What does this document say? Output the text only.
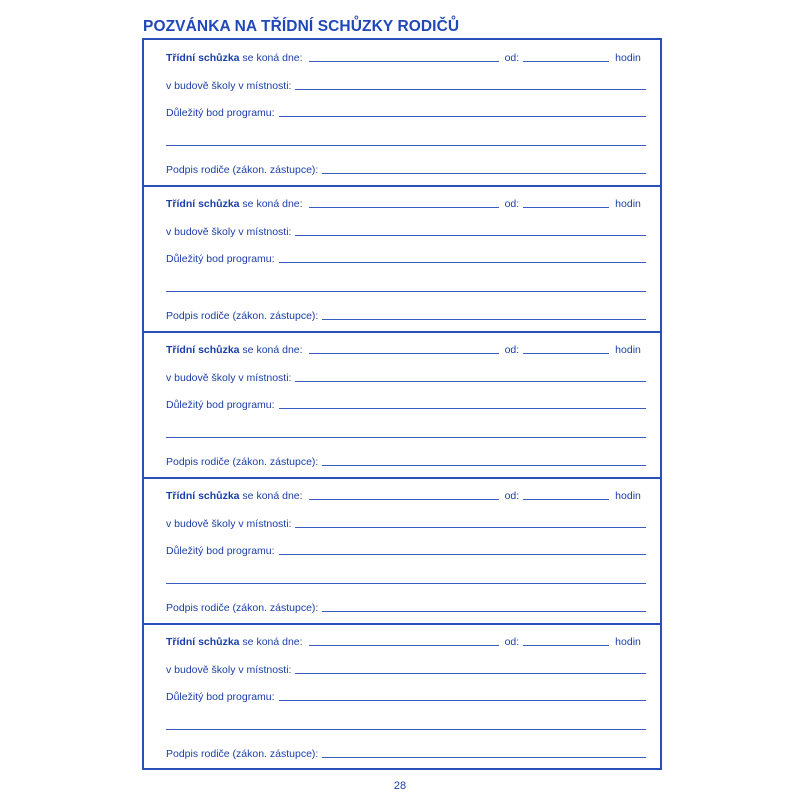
POZVÁNKA NA TŘÍDNÍ SCHŮZKY RODIČŮ
Třídní schůzka se koná dne:	od:	hodin
v budově školy v místnosti:
Důležitý bod programu:
Podpis rodiče (zákon. zástupce):
Třídní schůzka se koná dne:	od:	hodin
v budově školy v místnosti:
Důležitý bod programu:
Podpis rodiče (zákon. zástupce):
Třídní schůzka se koná dne:	od:	hodin
v budově školy v místnosti:
Důležitý bod programu:
Podpis rodiče (zákon. zástupce):
Třídní schůzka se koná dne:	od:	hodin
v budově školy v místnosti:
Důležitý bod programu:
Podpis rodiče (zákon. zástupce):
Třídní schůzka se koná dne:	od:	hodin
v budově školy v místnosti:
Důležitý bod programu:
Podpis rodiče (zákon. zástupce):
28
